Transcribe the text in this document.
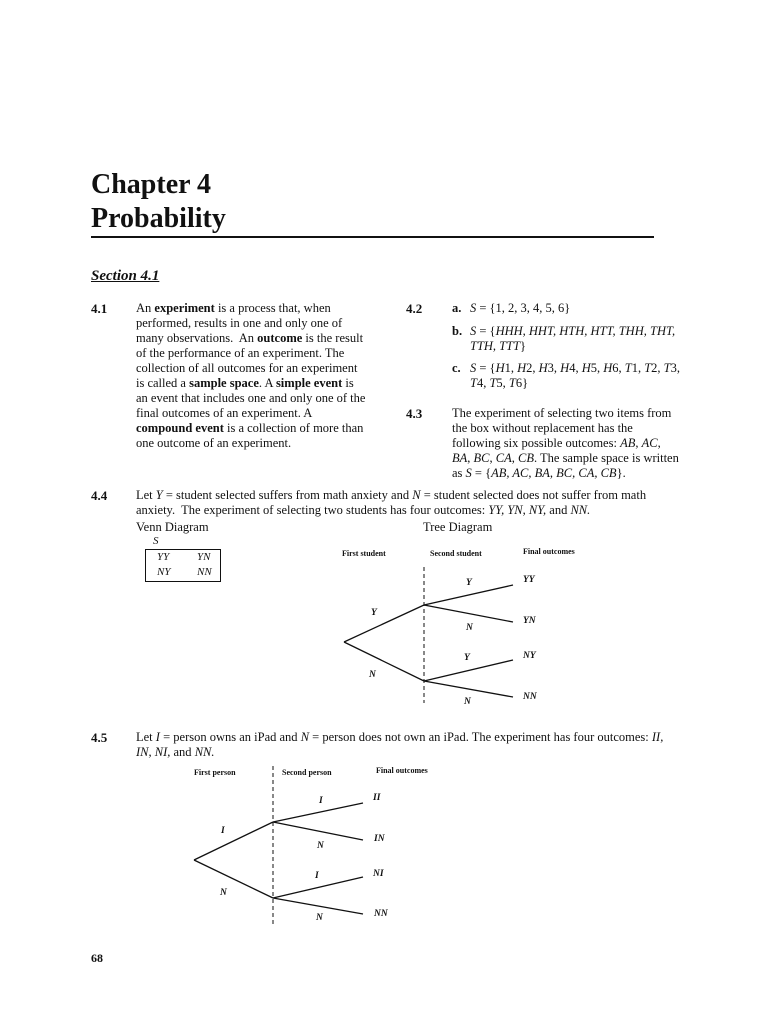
Chapter 4
Probability
Section 4.1
4.1 An experiment is a process that, when performed, results in one and only one of many observations.  An outcome is the result of the performance of an experiment. The collection of all outcomes for an experiment is called a sample space. A simple event is an event that includes one and only one of the final outcomes of an experiment. A compound event is a collection of more than one outcome of an experiment.
4.2 a. S = {1, 2, 3, 4, 5, 6}
b. S = {HHH, HHT, HTH, HTT, THH, THT, TTH, TTT}
c. S = {H1, H2, H3, H4, H5, H6, T1, T2, T3, T4, T5, T6}
4.3 The experiment of selecting two items from the box without replacement has the following six possible outcomes: AB, AC, BA, BC, CA, CB. The sample space is written as S = {AB, AC, BA, BC, CA, CB}.
4.4 Let Y = student selected suffers from math anxiety and N = student selected does not suffer from math anxiety.  The experiment of selecting two students has four outcomes: YY, YN, NY, and NN.
Venn Diagram	Tree Diagram
S
YY	YN
NY NN
First student	Second student	Final outcomes
First person	Second person	Final outcomes
Y
N
Y
N
Y
N
YY
YN
NY
NN
4.5 Let I = person owns an iPad and N = person does not own an iPad. The experiment has four outcomes: II, IN, NI, and NN.
I
N
I
N
I
N
II
IN
NI
NN
68
